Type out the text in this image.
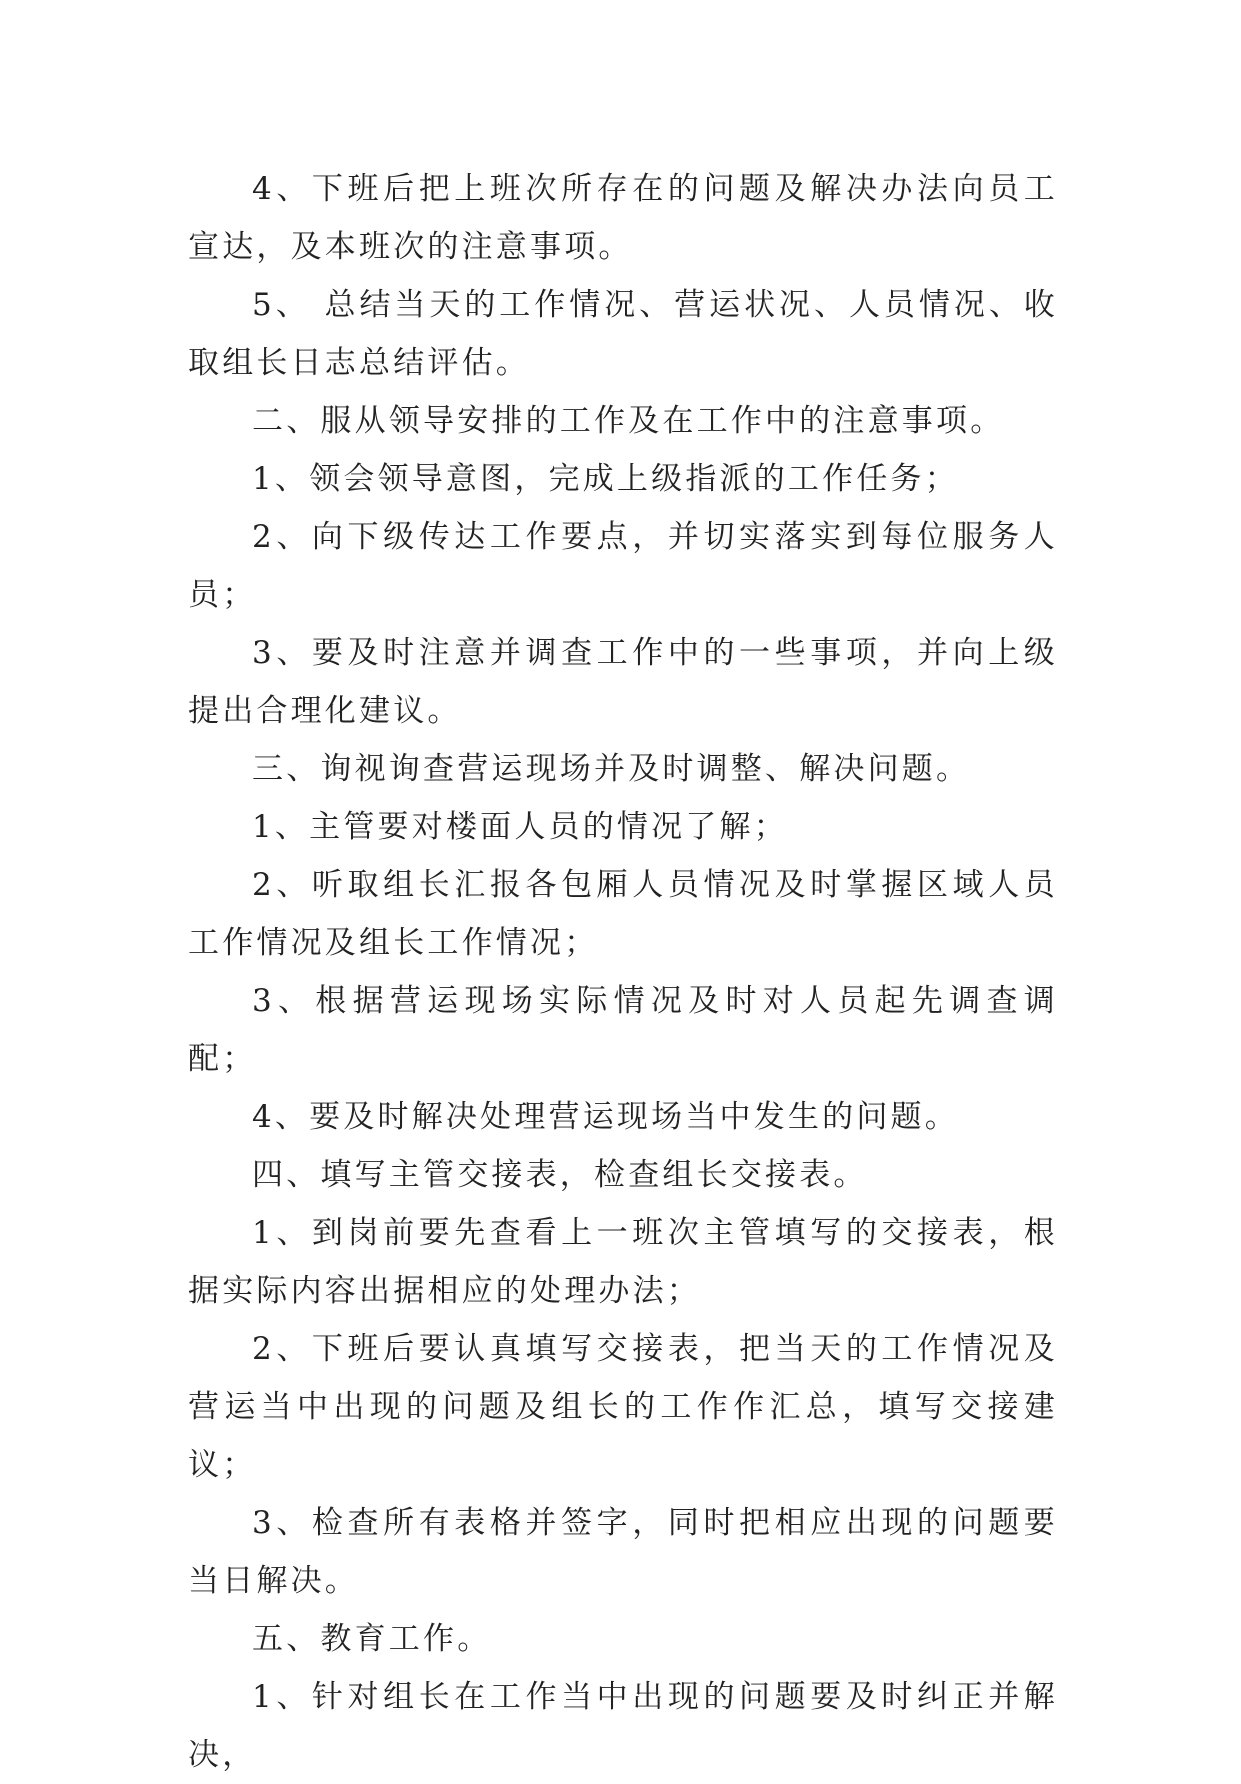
4、下班后把上班次所存在的问题及解决办法向员工宣达，及本班次的注意事项。

5、 总结当天的工作情况、营运状况、人员情况、收取组长日志总结评估。

二、服从领导安排的工作及在工作中的注意事项。

1、领会领导意图，完成上级指派的工作任务；

2、向下级传达工作要点，并切实落实到每位服务人员；

3、要及时注意并调查工作中的一些事项，并向上级提出合理化建议。

三、询视询查营运现场并及时调整、解决问题。

1、主管要对楼面人员的情况了解；

2、听取组长汇报各包厢人员情况及时掌握区域人员工作情况及组长工作情况；

3、根据营运现场实际情况及时对人员起先调查调配；

4、要及时解决处理营运现场当中发生的问题。

四、填写主管交接表，检查组长交接表。

1、到岗前要先查看上一班次主管填写的交接表，根据实际内容出据相应的处理办法；

2、下班后要认真填写交接表，把当天的工作情况及营运当中出现的问题及组长的工作作汇总，填写交接建议；

3、检查所有表格并签字，同时把相应出现的问题要当日解决。

五、教育工作。

1、针对组长在工作当中出现的问题要及时纠正并解决，
